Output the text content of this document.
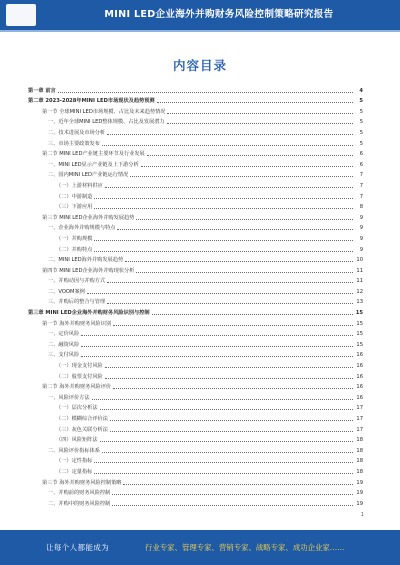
MINI LED企业海外并购财务风险控制策略研究报告
内容目录
第一章 前言	4
第二章 2023-2028年MINI LED市场现状及趋势预测	5
第一节 全球MINI LED市场规模、占比及未来趋势情况	5
一、近年全球MINI LED整体规模、占比及发展潜力	5
二、技术进展及市场分析	5
三、市场主要政策发布	5
第二节 MINI LED产业链主要环节及行业发展	6
一、MINI LED显示产业链及上下游分析	6
二、国内MINI LED产业链运行情况	7
（一）上游材料供应	7
（二）中游制造	7
（三）下游应用	8
第三节 MINI LED企业海外并购发展趋势	9
一、企业海外并购规模与特点	9
（一）并购规模	9
（二）并购特点	9
二、MINI LED海外并购发展趋势	10
第四节 MINI LED企业海外并购现状分析	11
一、并购动因与并购方式	11
二、VOOM案例	12
三、并购后的整合与管理	13
第三章 MINI LED企业海外并购财务风险识别与控制	15
第一节 海外并购财务风险识别	15
一、定价风险	15
二、融资风险	15
三、支付风险	16
（一）现金支付风险	16
（二）股票支付风险	16
第二节 海外并购财务风险评价	16
一、风险评价方法	16
（一）层次分析法	17
（二）模糊综合评价法	17
（三）灰色关联分析法	17
（四）风险矩阵法	18
二、风险评价指标体系	18
（一）定性指标	18
（二）定量指标	18
第三节 海外并购财务风险控制策略	19
一、并购前的财务风险控制	19
二、并购中的财务风险控制	19
1
让每个人都能成为	行业专家、管理专家、营销专家、战略专家、成功企业家……
